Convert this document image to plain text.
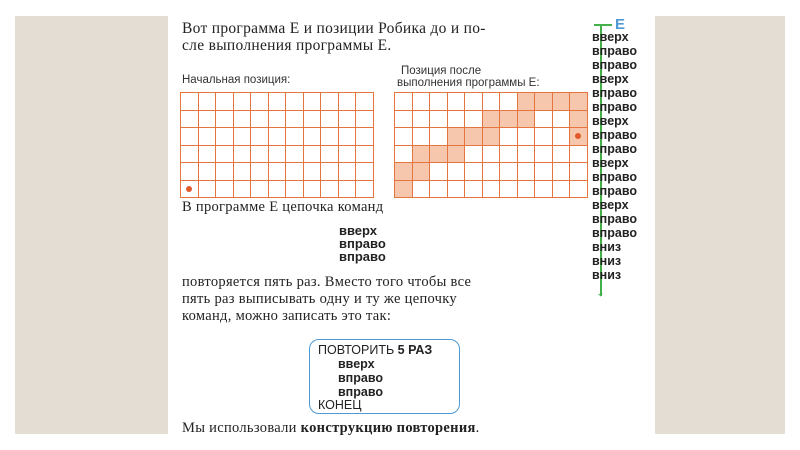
Вот программа Е и позиции Робика до и по-
сле выполнения программы Е.
Начальная позиция:

Позиция после
выполнения программы Е:

В программе Е цепочка команд
вверх
вправо
вправо
повторяется пять раз. Вместо того чтобы все
пять раз выписывать одну и ту же цепочку
команд, можно записать это так:
ПОВТОРИТЬ 5 РАЗ
вверх
вправо
вправо
КОНЕЦ
Мы использовали конструкцию повторения.
Е
вверх
вправо
вправо
вверх
вправо
вправо
вверх
вправо
вправо
вверх
вправо
вправо
вверх
вправо
вправо
вниз
вниз
вниз
↓
